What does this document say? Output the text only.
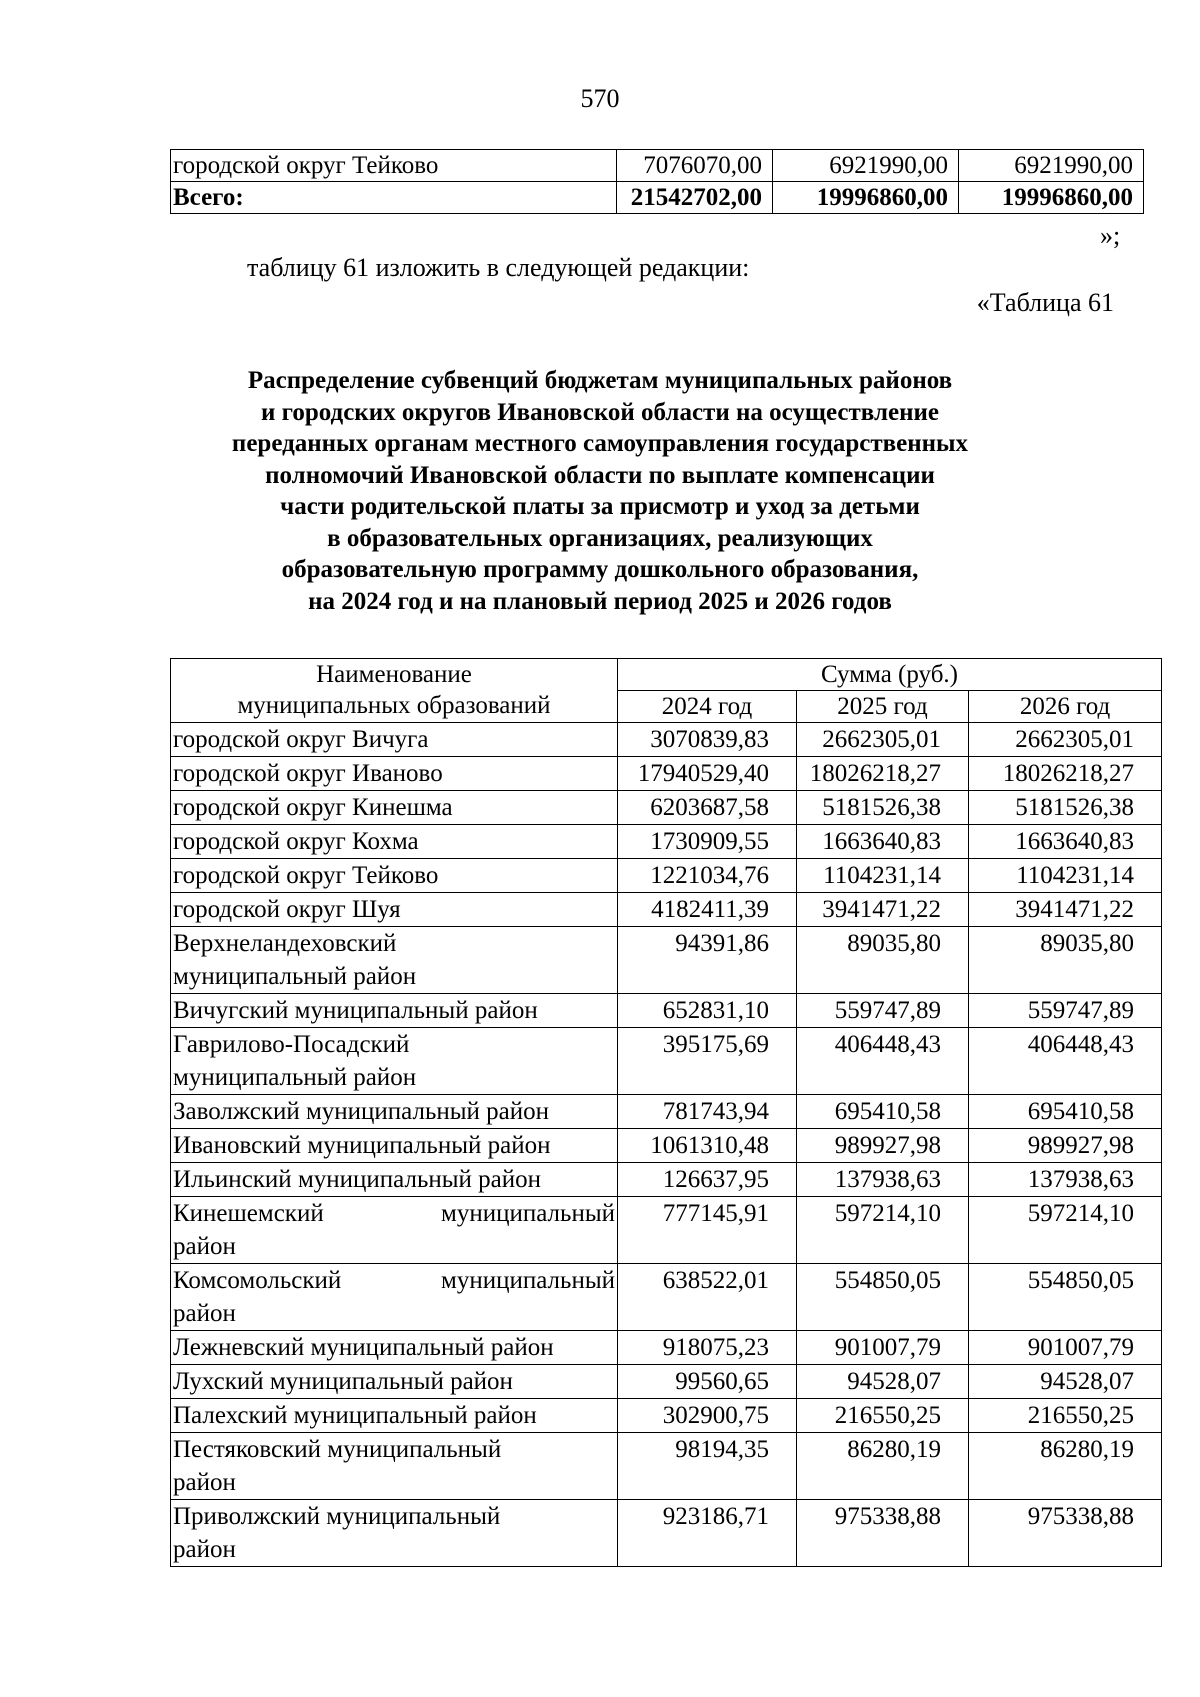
570
городской округ Тейково	7076070,00	6921990,00	6921990,00
Всего:	21542702,00	19996860,00	19996860,00
»;
таблицу 61 изложить в следующей редакции:
«Таблица 61
Распределение субвенций бюджетам муниципальных районов
и городских округов Ивановской области на осуществление
переданных органам местного самоуправления государственных
полномочий Ивановской области по выплате компенсации
части родительской платы за присмотр и уход за детьми
в образовательных организациях, реализующих
образовательную программу дошкольного образования,
на 2024 год и на плановый период 2025 и 2026 годов
Наименование
муниципальных образований	Сумма (руб.)		
	2024 год	2025 год	2026 год
городской округ Вичуга	3070839,83	2662305,01	2662305,01
городской округ Иваново	17940529,40	18026218,27	18026218,27
городской округ Кинешма	6203687,58	5181526,38	5181526,38
городской округ Кохма	1730909,55	1663640,83	1663640,83
городской округ Тейково	1221034,76	1104231,14	1104231,14
городской округ Шуя	4182411,39	3941471,22	3941471,22

Верхнеландеховский
муниципальный район	94391,86	89035,80	89035,80
Вичугский муниципальный район	652831,10	559747,89	559747,89

Гаврилово-Посадский
муниципальный район	395175,69	406448,43	406448,43
Заволжский муниципальный район	781743,94	695410,58	695410,58
Ивановский муниципальный район	1061310,48	989927,98	989927,98
Ильинский муниципальный район	126637,95	137938,63	137938,63

Кинешемский муниципальный
район	777145,91	597214,10	597214,10

Комсомольский муниципальный
район	638522,01	554850,05	554850,05
Лежневский муниципальный район	918075,23	901007,79	901007,79
Лухский муниципальный район	99560,65	94528,07	94528,07
Палехский муниципальный район	302900,75	216550,25	216550,25

Пестяковский муниципальный
район	98194,35	86280,19	86280,19

Приволжский муниципальный
район	923186,71	975338,88	975338,88
